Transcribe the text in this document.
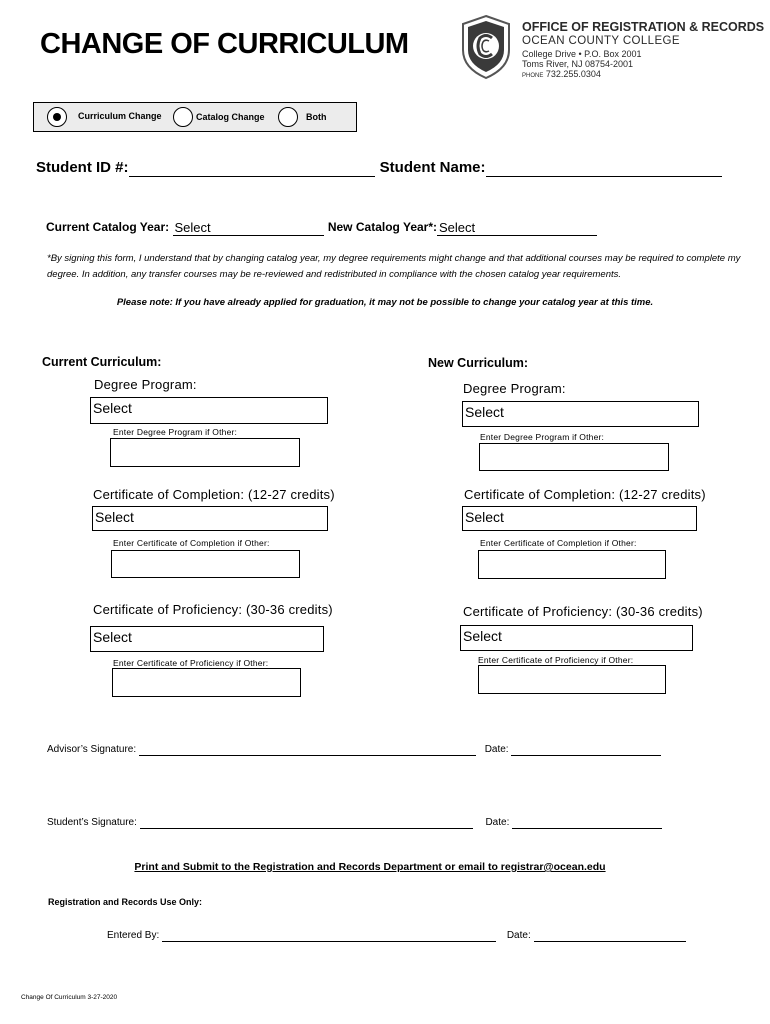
CHANGE OF CURRICULUM
OFFICE OF REGISTRATION & RECORDS
OCEAN COUNTY COLLEGE
College Drive • P.O. Box 2001
Toms River, NJ 08754-2001
PHONE 732.255.0304
Curriculum Change	Catalog Change	Both
Student ID #:	Student Name:
Current Catalog Year: Select	New Catalog Year*: Select
*By signing this form, I understand that by changing catalog year, my degree requirements might change and that additional courses may be required to complete my degree. In addition, any transfer courses may be re-reviewed and redistributed in compliance with the chosen catalog year requirements.
Please note: If you have already applied for graduation, it may not be possible to change your catalog year at this time.
Current Curriculum:
Degree Program:
Select
Enter Degree Program if Other:
Certificate of Completion: (12-27 credits)
Select
Enter Certificate of Completion if Other:
Certificate of Proficiency: (30-36 credits)
Select
Enter Certificate of Proficiency if Other:
New Curriculum:
Degree Program:
Select
Enter Degree Program if Other:
Certificate of Completion: (12-27 credits)
Select
Enter Certificate of Completion if Other:
Certificate of Proficiency: (30-36 credits)
Select
Enter Certificate of Proficiency if Other:
Advisor’s Signature:	Date:
Student’s Signature:	Date:
Print and Submit to the Registration and Records Department or email to registrar@ocean.edu
Registration and Records Use Only:
Entered By:	Date:
Change Of Curriculum 3-27-2020
